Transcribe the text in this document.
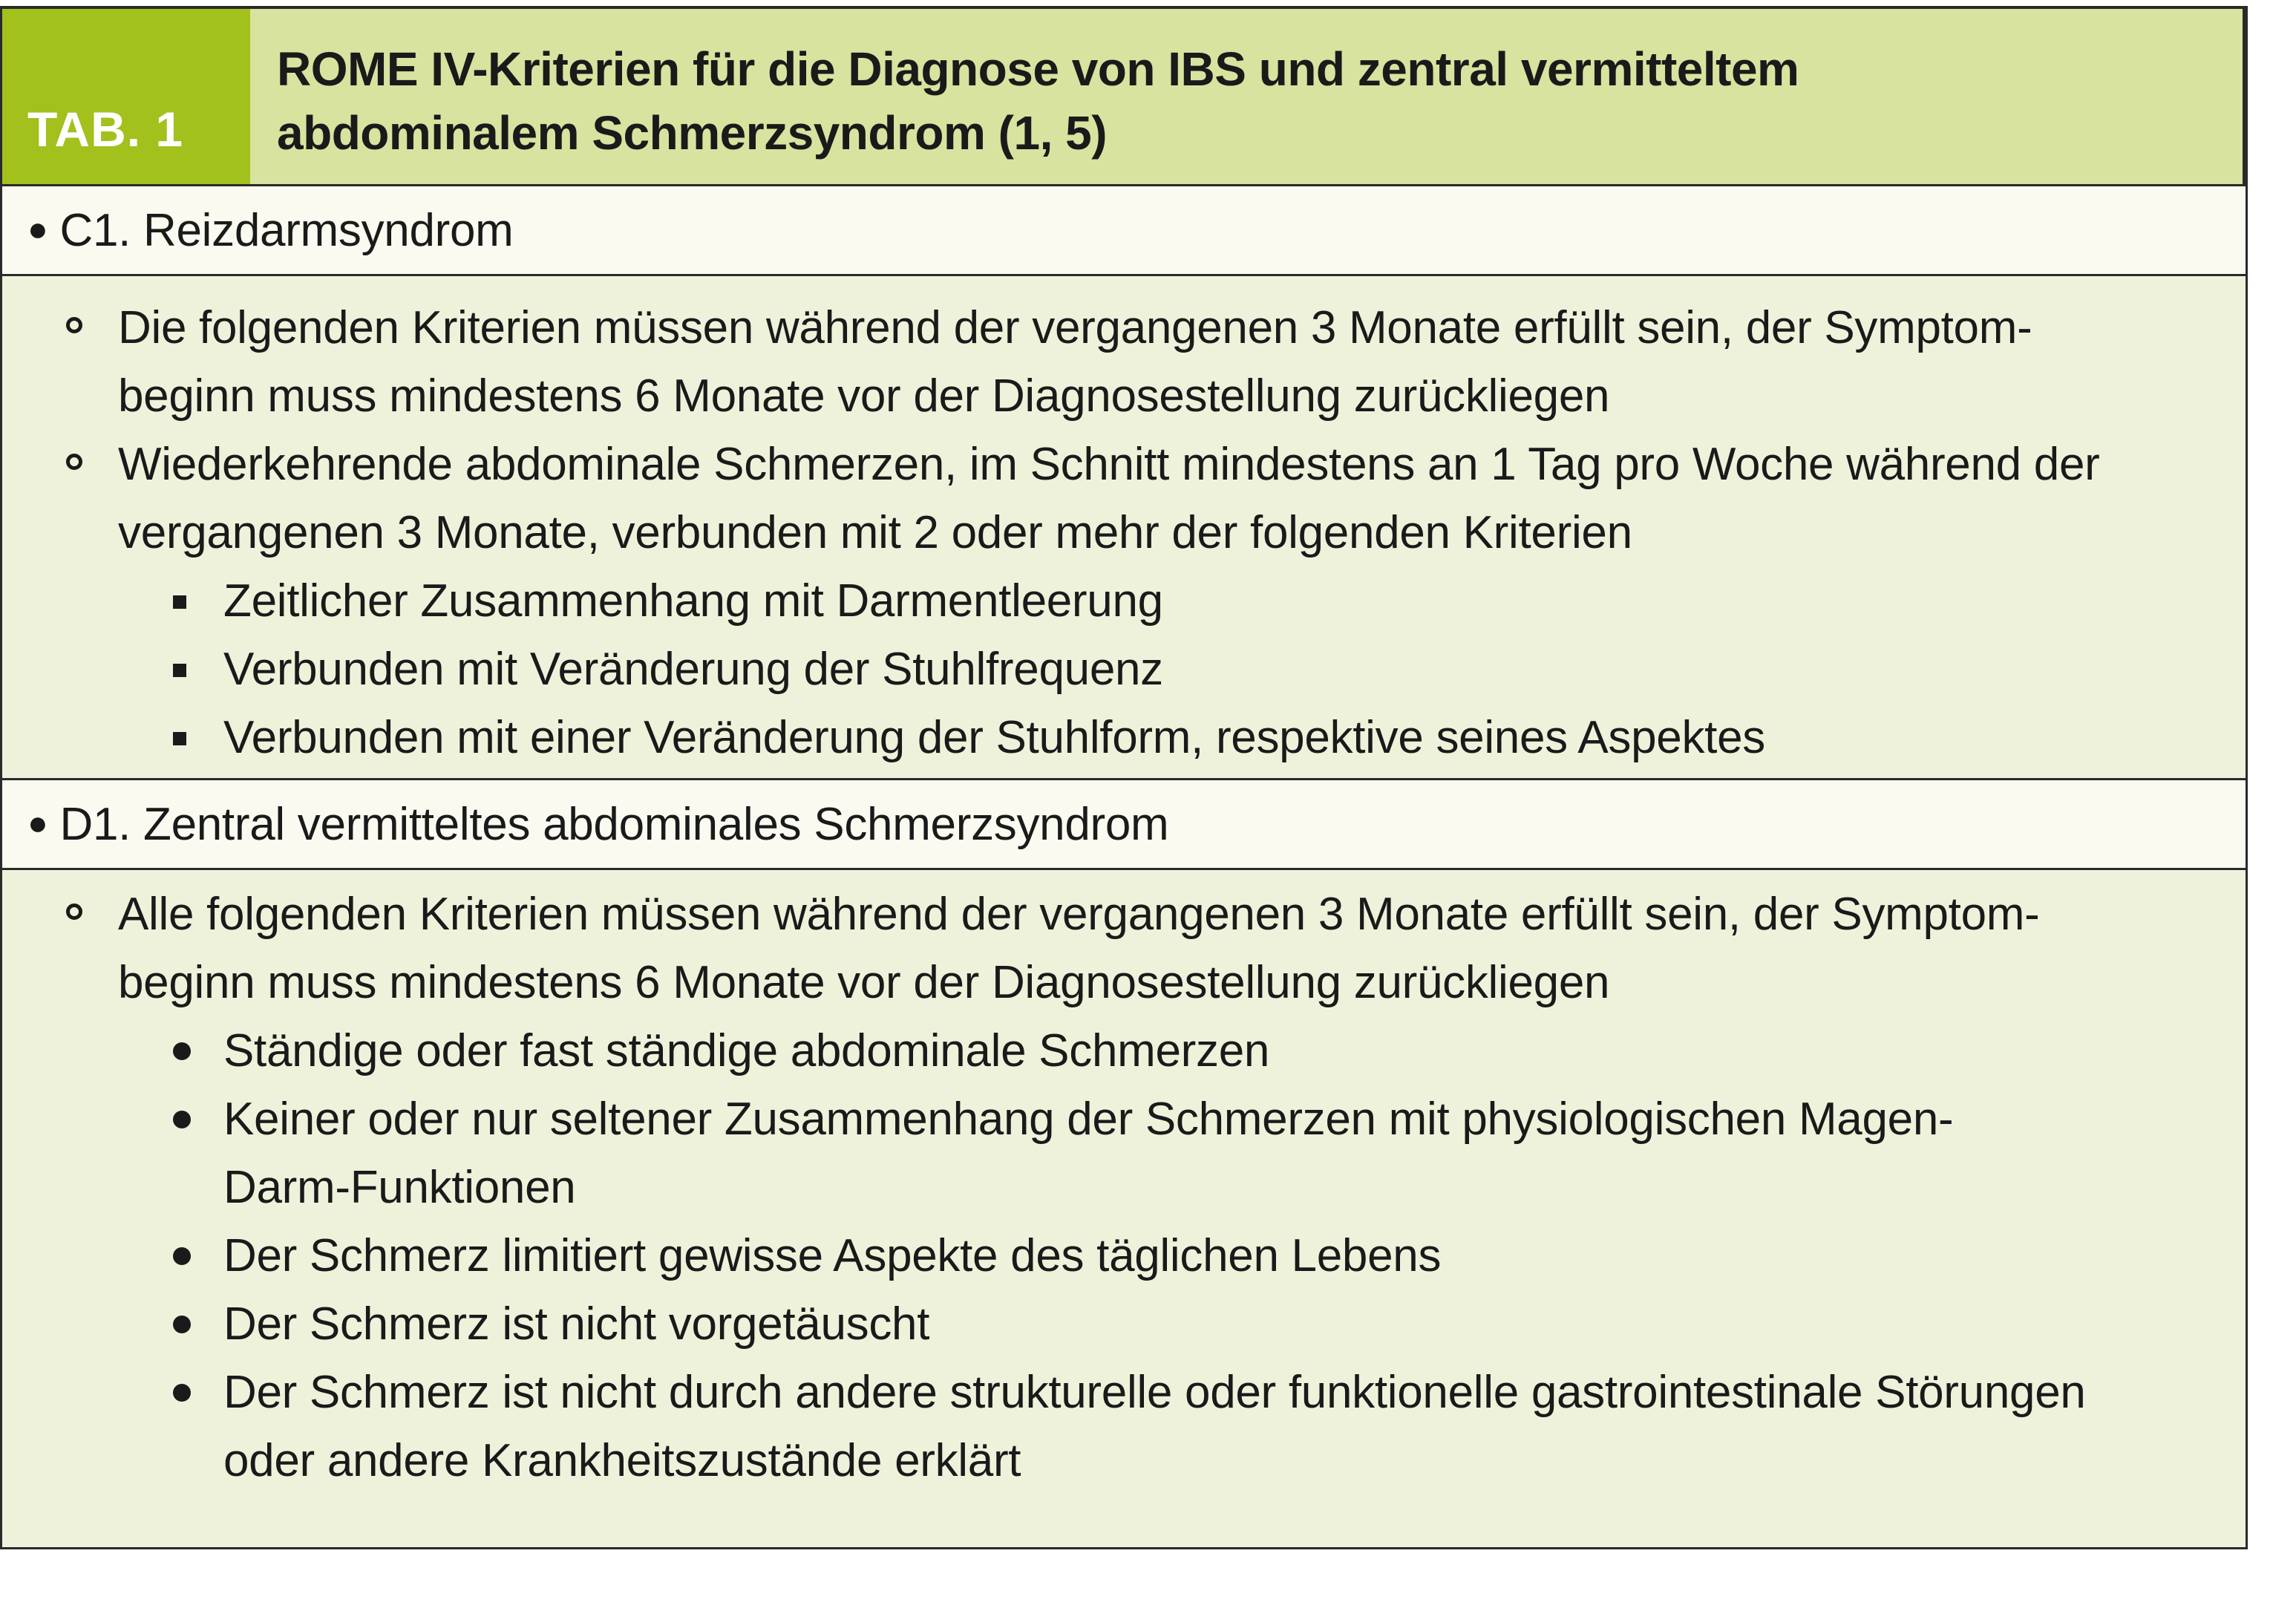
TAB. 1
ROME IV-Kriterien für die Diagnose von IBS und zentral vermitteltem
abdominalem Schmerzsyndrom (1, 5)
● C1. Reizdarmsyndrom
Die folgenden Kriterien müssen während der vergangenen 3 Monate erfüllt sein, der Symptom-
beginn muss mindestens 6 Monate vor der Diagnosestellung zurückliegen
Wiederkehrende abdominale Schmerzen, im Schnitt mindestens an 1 Tag pro Woche während der
vergangenen 3 Monate, verbunden mit 2 oder mehr der folgenden Kriterien
Zeitlicher Zusammenhang mit Darmentleerung
Verbunden mit Veränderung der Stuhlfrequenz
Verbunden mit einer Veränderung der Stuhlform, respektive seines Aspektes
● D1. Zentral vermitteltes abdominales Schmerzsyndrom
Alle folgenden Kriterien müssen während der vergangenen 3 Monate erfüllt sein, der Symptom-
beginn muss mindestens 6 Monate vor der Diagnosestellung zurückliegen
Ständige oder fast ständige abdominale Schmerzen
Keiner oder nur seltener Zusammenhang der Schmerzen mit physiologischen Magen-
Darm-Funktionen
Der Schmerz limitiert gewisse Aspekte des täglichen Lebens
Der Schmerz ist nicht vorgetäuscht
Der Schmerz ist nicht durch andere strukturelle oder funktionelle gastrointestinale Störungen
oder andere Krankheitszustände erklärt
